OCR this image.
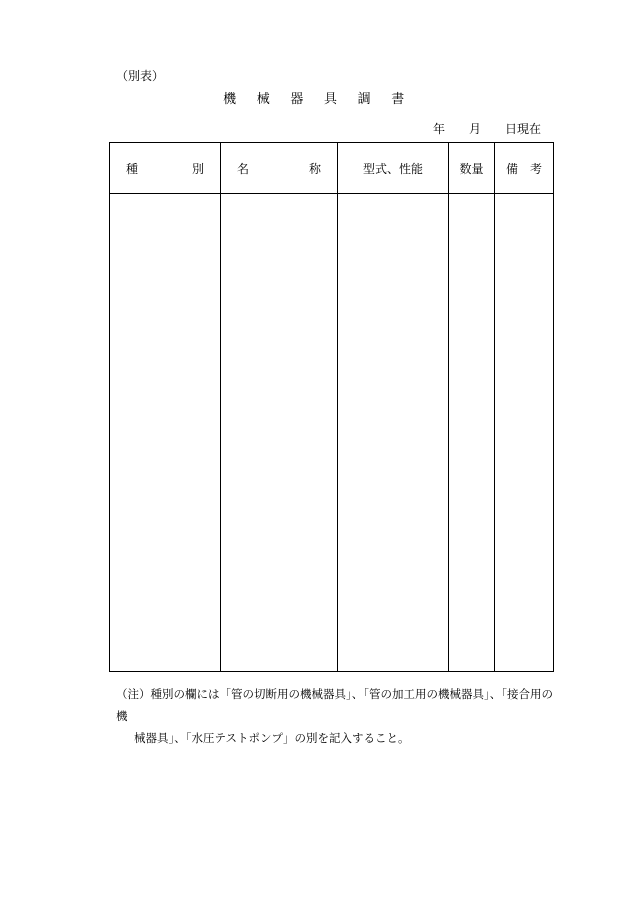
（別表）
機 械 器 具 調 書
年 月 日現在
種 別	名 称	型式、性能	数量	備　考

（注）種別の欄には「管の切断用の機械器具」、「管の加工用の機械器具」、「接合用の機
械器具」、「水圧テストポンプ」の別を記入すること。
